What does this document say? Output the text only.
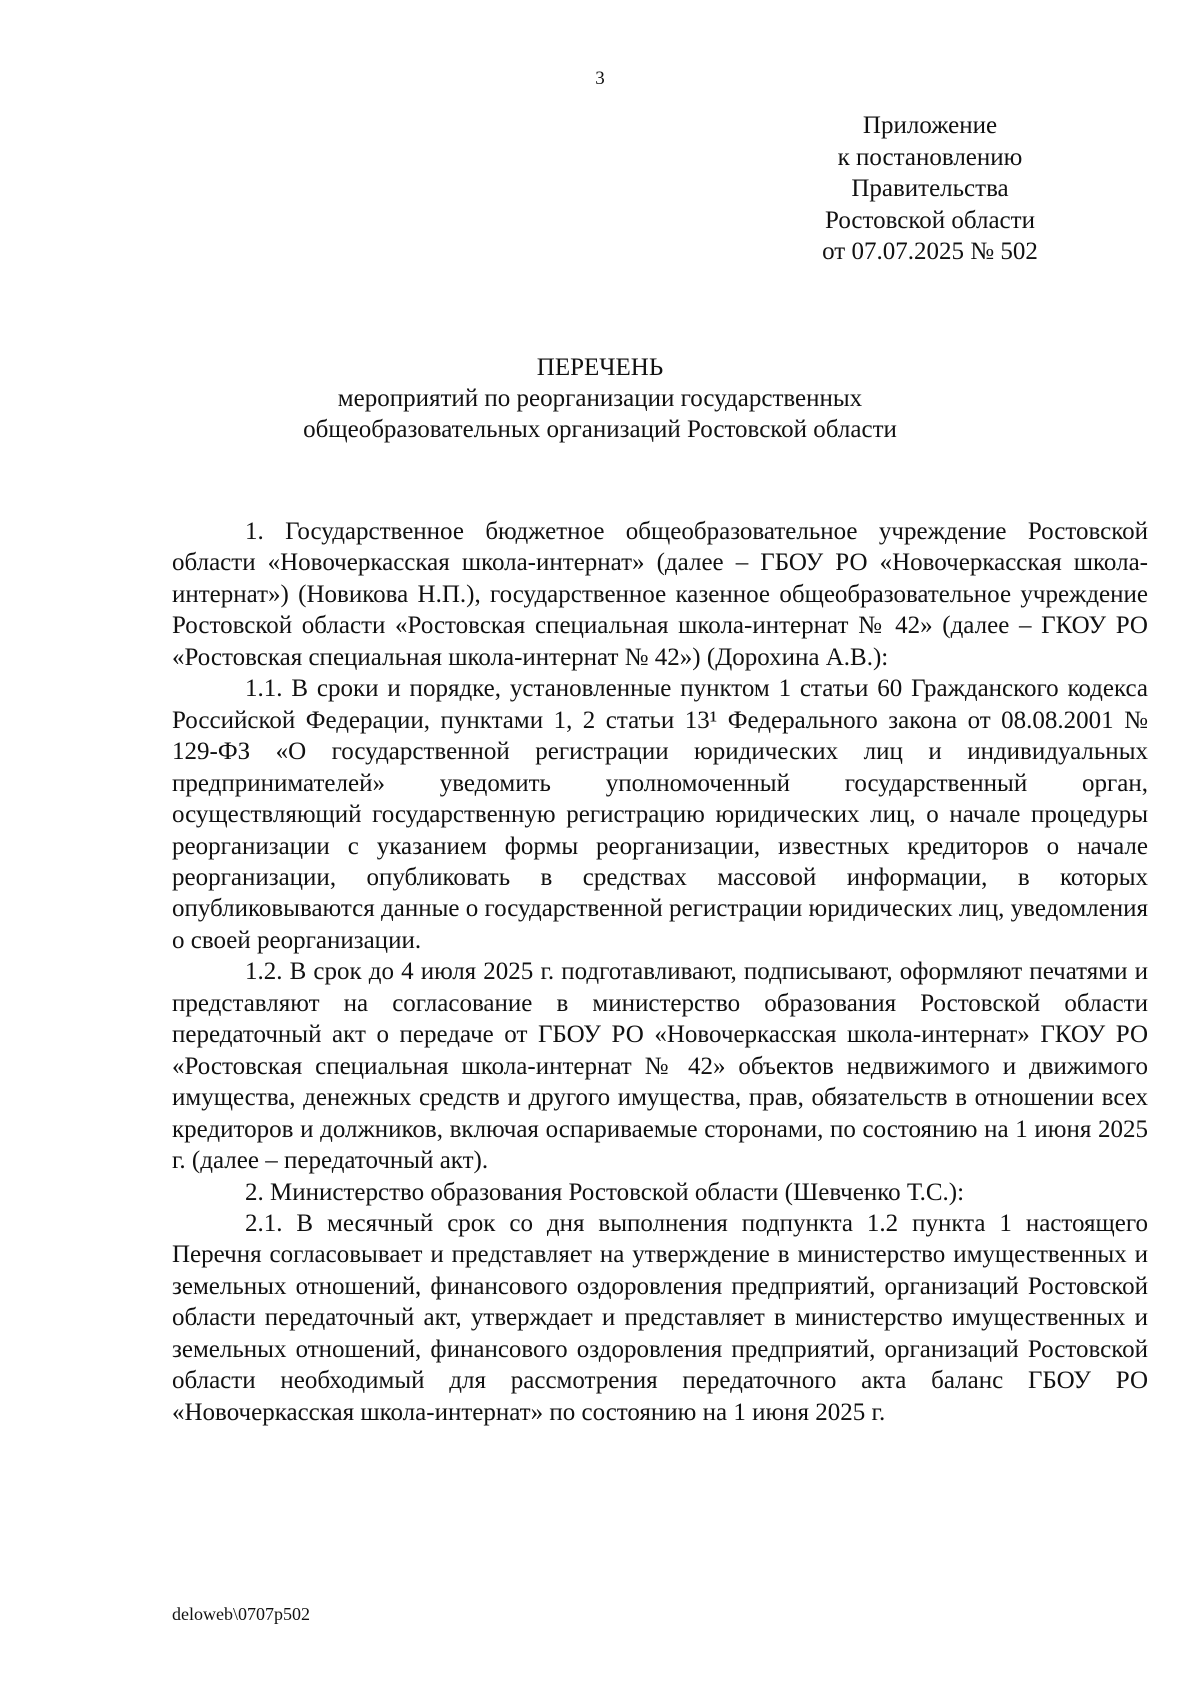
3
Приложение
к постановлению
Правительства
Ростовской области
от 07.07.2025 № 502
ПЕРЕЧЕНЬ
мероприятий по реорганизации государственных
общеобразовательных организаций Ростовской области

1. Государственное бюджетное общеобразовательное учреждение Ростовской области «Новочеркасская школа-интернат» (далее – ГБОУ РО «Новочеркасская школа-интернат») (Новикова Н.П.), государственное казенное общеобразовательное учреждение Ростовской области «Ростовская специальная школа-интернат № 42» (далее – ГКОУ РО «Ростовская специальная школа-интернат № 42») (Дорохина А.В.):

1.1. В сроки и порядке, установленные пунктом 1 статьи 60 Гражданского кодекса Российской Федерации, пунктами 1, 2 статьи 13¹ Федерального закона от 08.08.2001 № 129-ФЗ «О государственной регистрации юридических лиц и индивидуальных предпринимателей» уведомить уполномоченный государственный орган, осуществляющий государственную регистрацию юридических лиц, о начале процедуры реорганизации с указанием формы реорганизации, известных кредиторов о начале реорганизации, опубликовать в средствах массовой информации, в которых опубликовываются данные о государственной регистрации юридических лиц, уведомления о своей реорганизации.

1.2. В срок до 4 июля 2025 г. подготавливают, подписывают, оформляют печатями и представляют на согласование в министерство образования Ростовской области передаточный акт о передаче от ГБОУ РО «Новочеркасская школа-интернат» ГКОУ РО «Ростовская специальная школа-интернат № 42» объектов недвижимого и движимого имущества, денежных средств и другого имущества, прав, обязательств в отношении всех кредиторов и должников, включая оспариваемые сторонами, по состоянию на 1 июня 2025 г. (далее – передаточный акт).

2. Министерство образования Ростовской области (Шевченко Т.С.):

2.1. В месячный срок со дня выполнения подпункта 1.2 пункта 1 настоящего Перечня согласовывает и представляет на утверждение в министерство имущественных и земельных отношений, финансового оздоровления предприятий, организаций Ростовской области передаточный акт, утверждает и представляет в министерство имущественных и земельных отношений, финансового оздоровления предприятий, организаций Ростовской области необходимый для рассмотрения передаточного акта баланс ГБОУ РО «Новочеркасская школа-интернат» по состоянию на 1 июня 2025 г.

deloweb\0707p502
